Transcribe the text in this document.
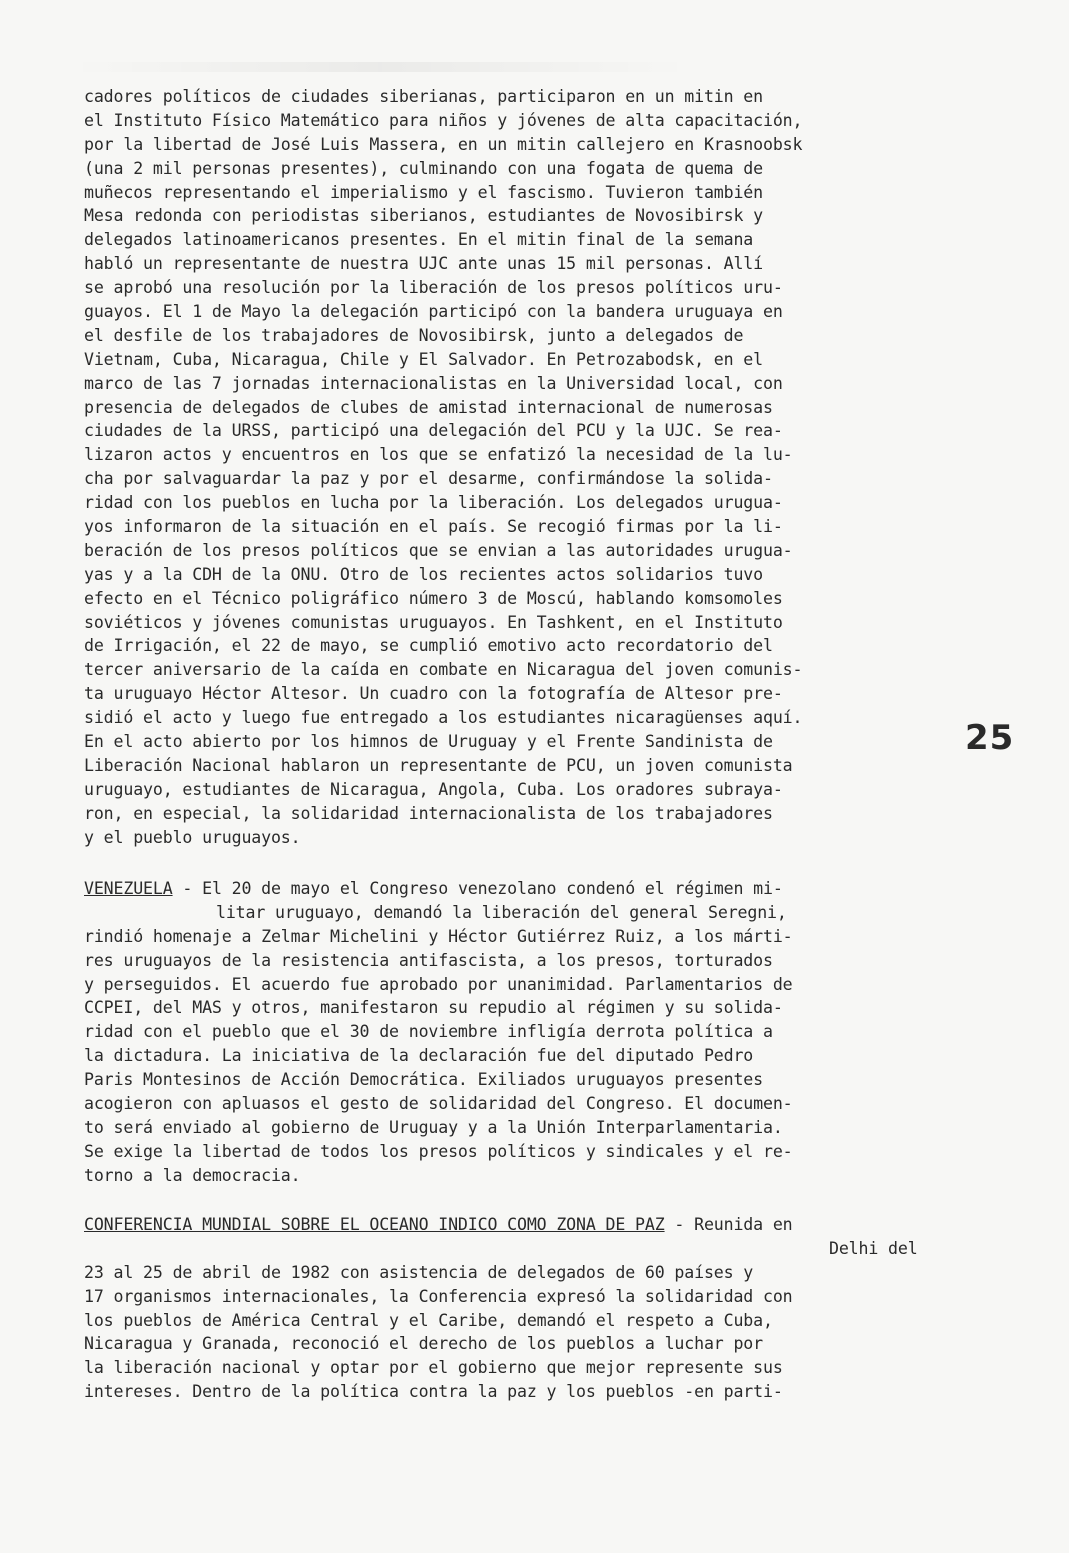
cadores políticos de ciudades siberianas, participaron en un mitin en
el Instituto Físico Matemático para niños y jóvenes de alta capacitación,
por la libertad de José Luis Massera, en un mitin callejero en Krasnoobsk
(una 2 mil personas presentes), culminando con una fogata de quema de
muñecos representando el imperialismo y el fascismo. Tuvieron también
Mesa redonda con periodistas siberianos, estudiantes de Novosibirsk y
delegados latinoamericanos presentes. En el mitin final de la semana
habló un representante de nuestra UJC ante unas 15 mil personas. Allí
se aprobó una resolución por la liberación de los presos políticos uru-
guayos. El 1 de Mayo la delegación participó con la bandera uruguaya en
el desfile de los trabajadores de Novosibirsk, junto a delegados de
Vietnam, Cuba, Nicaragua, Chile y El Salvador. En Petrozabodsk, en el
marco de las 7 jornadas internacionalistas en la Universidad local, con
presencia de delegados de clubes de amistad internacional de numerosas
ciudades de la URSS, participó una delegación del PCU y la UJC. Se rea-
lizaron actos y encuentros en los que se enfatizó la necesidad de la lu-
cha por salvaguardar la paz y por el desarme, confirmándose la solida-
ridad con los pueblos en lucha por la liberación. Los delegados urugua-
yos informaron de la situación en el país. Se recogió firmas por la li-
beración de los presos políticos que se envian a las autoridades urugua-
yas y a la CDH de la ONU. Otro de los recientes actos solidarios tuvo
efecto en el Técnico poligráfico número 3 de Moscú, hablando komsomoles
soviéticos y jóvenes comunistas uruguayos. En Tashkent, en el Instituto
de Irrigación, el 22 de mayo, se cumplió emotivo acto recordatorio del
tercer aniversario de la caída en combate en Nicaragua del joven comunis-
ta uruguayo Héctor Altesor. Un cuadro con la fotografía de Altesor pre-
sidió el acto y luego fue entregado a los estudiantes nicaragüenses aquí.
En el acto abierto por los himnos de Uruguay y el Frente Sandinista de
Liberación Nacional hablaron un representante de PCU, un joven comunista
uruguayo, estudiantes de Nicaragua, Angola, Cuba. Los oradores subraya-
ron, en especial, la solidaridad internacionalista de los trabajadores
y el pueblo uruguayos.
25
VENEZUELA - El 20 de mayo el Congreso venezolano condenó el régimen mi-
litar uruguayo, demandó la liberación del general Seregni,
rindió homenaje a Zelmar Michelini y Héctor Gutiérrez Ruiz, a los márti-
res uruguayos de la resistencia antifascista, a los presos, torturados
y perseguidos. El acuerdo fue aprobado por unanimidad. Parlamentarios de
CCPEI, del MAS y otros, manifestaron su repudio al régimen y su solida-
ridad con el pueblo que el 30 de noviembre infligía derrota política a
la dictadura. La iniciativa de la declaración fue del diputado Pedro
Paris Montesinos de Acción Democrática. Exiliados uruguayos presentes
acogieron con apluasos el gesto de solidaridad del Congreso. El documen-
to será enviado al gobierno de Uruguay y a la Unión Interparlamentaria.
Se exige la libertad de todos los presos políticos y sindicales y el re-
torno a la democracia.
CONFERENCIA MUNDIAL SOBRE EL OCEANO INDICO COMO ZONA DE PAZ - Reunida en
Delhi del
23 al 25 de abril de 1982 con asistencia de delegados de 60 países y
17 organismos internacionales, la Conferencia expresó la solidaridad con
los pueblos de América Central y el Caribe, demandó el respeto a Cuba,
Nicaragua y Granada, reconoció el derecho de los pueblos a luchar por
la liberación nacional y optar por el gobierno que mejor represente sus
intereses. Dentro de la política contra la paz y los pueblos -en parti-
